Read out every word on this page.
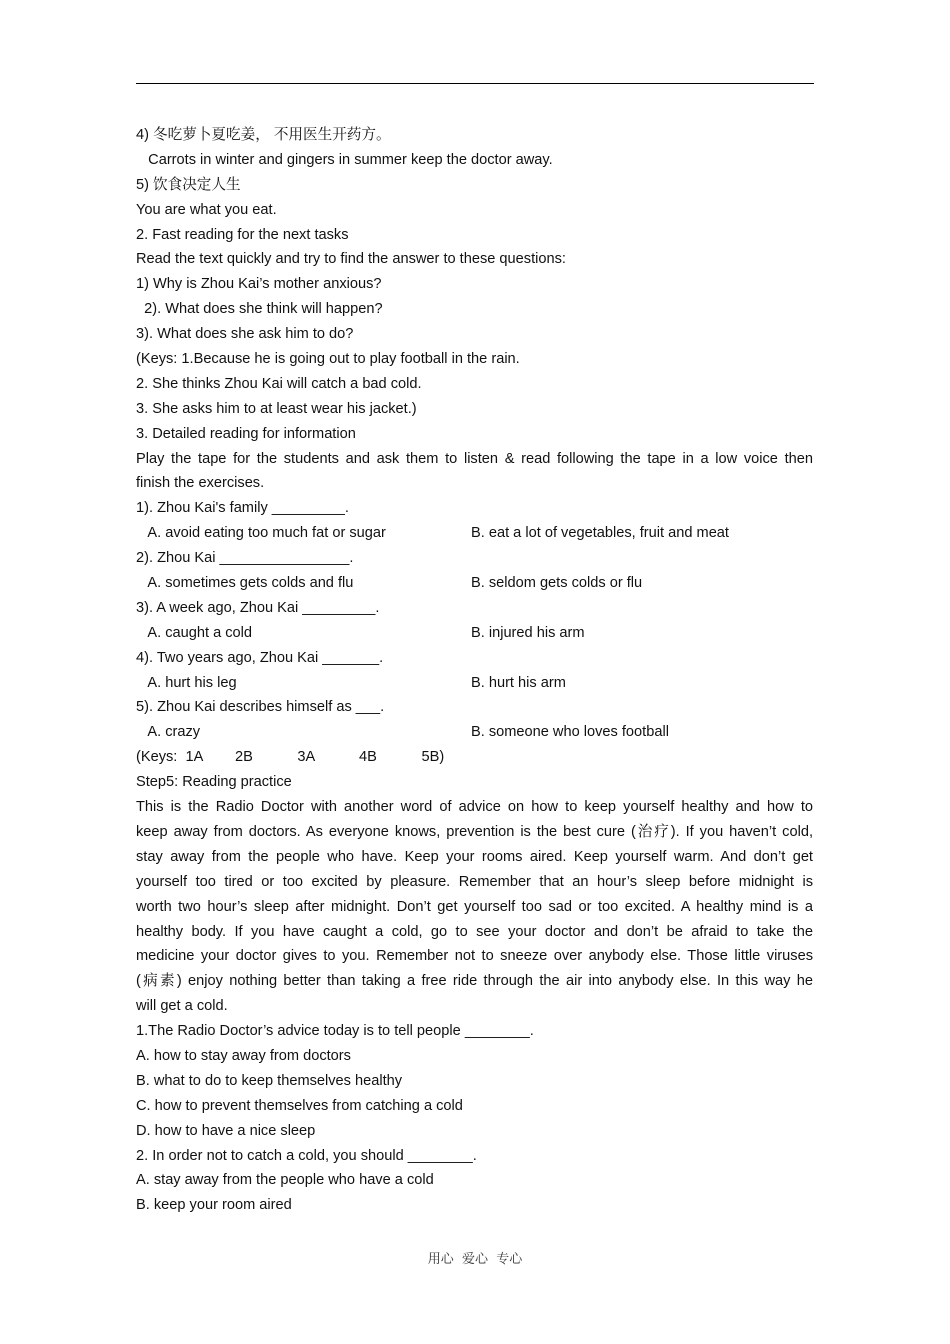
4) 冬吃萝卜夏吃姜， 不用医生开药方。
Carrots in winter and gingers in summer keep the doctor away.
5) 饮食决定人生
You are what you eat.
2. Fast reading for the next tasks
Read the text quickly and try to find the answer to these questions:
1) Why is Zhou Kai’s mother anxious?
2). What does she think will happen?
3). What does she ask him to do?
(Keys: 1.Because he is going out to play football in the rain.
2. She thinks Zhou Kai will catch a bad cold.
3. She asks him to at least wear his jacket.)
3. Detailed reading for information
Play the tape for the students and ask them to listen & read following the tape in a low voice then
finish the exercises.
1). Zhou Kai's family _________.
A. avoid eating too much fat or sugar	B. eat a lot of vegetables, fruit and meat
2). Zhou Kai ________________.
A. sometimes gets colds and flu	B. seldom gets colds or flu
3). A week ago, Zhou Kai _________.
A. caught a cold	B. injured his arm
4). Two years ago, Zhou Kai _______.
A. hurt his leg	B. hurt his arm
5). Zhou Kai describes himself as ___.
A. crazy	B. someone who loves football
(Keys:  1A        2B           3A           4B           5B)
Step5: Reading practice
This is the Radio Doctor with another word of advice on how to keep yourself healthy and how to
keep away from doctors. As everyone knows, prevention is the best cure (治疗). If you haven’t cold,
stay away from the people who have. Keep your rooms aired. Keep yourself warm. And don’t get
yourself too tired or too excited by pleasure. Remember that an hour’s sleep before midnight is
worth two hour’s sleep after midnight. Don’t get yourself too sad or too excited. A healthy mind is a
healthy body. If you have caught a cold, go to see your doctor and don’t be afraid to take the
medicine your doctor gives to you. Remember not to sneeze over anybody else. Those little viruses
(病素) enjoy nothing better than taking a free ride through the air into anybody else. In this way he
will get a cold.
1.The Radio Doctor’s advice today is to tell people ________.
A. how to stay away from doctors
B. what to do to keep themselves healthy
C. how to prevent themselves from catching a cold
D. how to have a nice sleep
2. In order not to catch a cold, you should ________.
A. stay away from the people who have a cold
B. keep your room aired
用心  爱心  专心
